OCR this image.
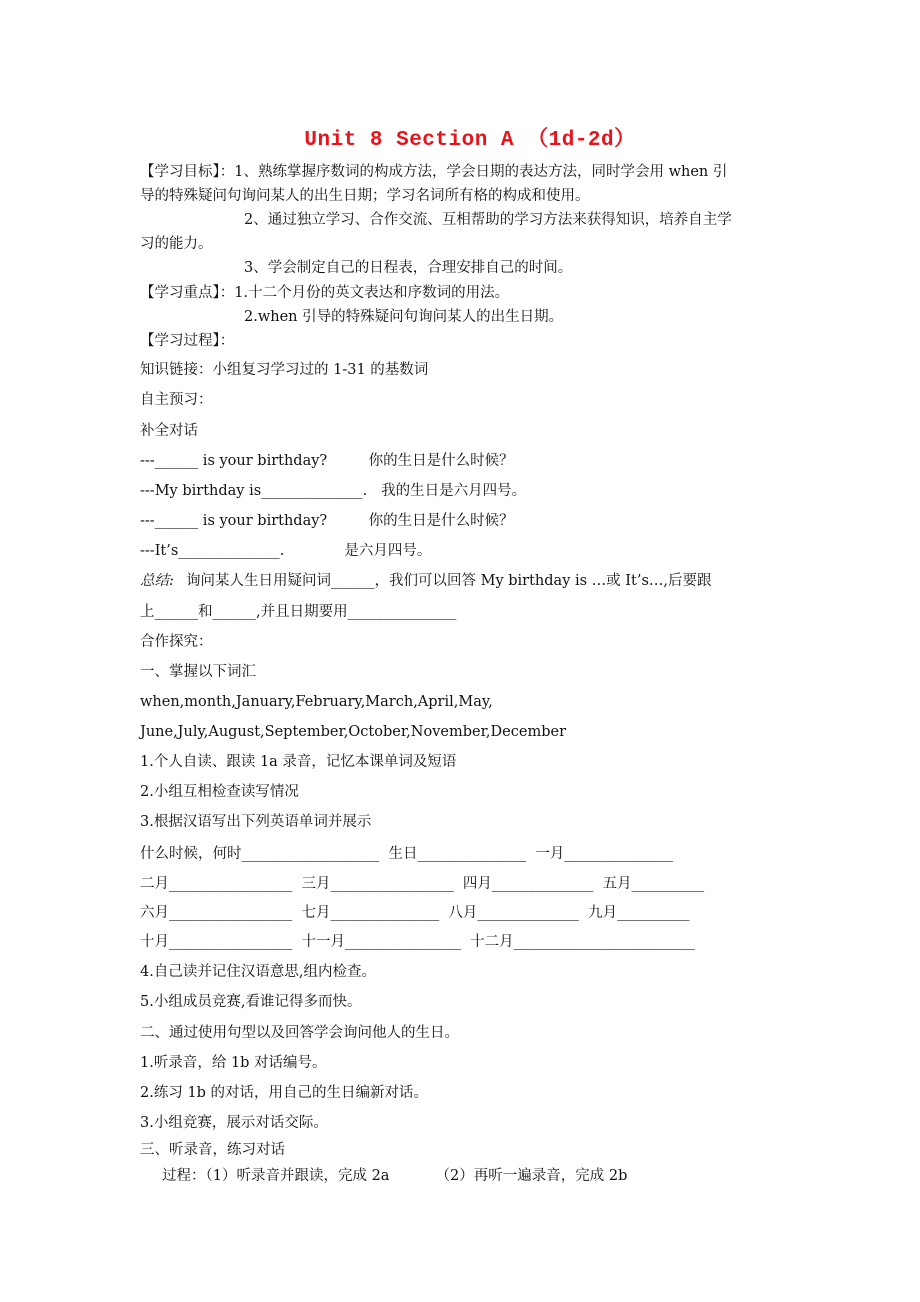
Unit 8 Section A （1d-2d）
【学习目标】：1、熟练掌握序数词的构成方法，学会日期的表达方法，同时学会用 when 引
导的特殊疑问句询问某人的出生日期；学习名词所有格的构成和使用。
2、通过独立学习、合作交流、互相帮助的学习方法来获得知识，培养自主学
习的能力。
3、学会制定自己的日程表，合理安排自己的时间。
【学习重点】：1.十二个月份的英文表达和序数词的用法。
2.when 引导的特殊疑问句询问某人的出生日期。
【学习过程】：
知识链接：小组复习学习过的 1-31 的基数词
自主预习：
补全对话
---______ is your birthday?         你的生日是什么时候？
---My birthday is______________.   我的生日是六月四号。
---______ is your birthday?         你的生日是什么时候？
---It’s______________.             是六月四号。
总结: 询问某人生日用疑问词______，我们可以回答 My birthday is …或 It’s…,后要跟
上______和______,并且日期要用_______________
合作探究：
一、掌握以下词汇
when,month,January,February,March,April,May,
June,July,August,September,October,November,December
1.个人自读、跟读 1a 录音，记忆本课单词及短语
2.小组互相检查读写情况
3.根据汉语写出下列英语单词并展示
什么时候，何时___________________  生日_______________  一月_______________
二月_________________  三月_________________  四月______________  五月__________
六月_________________  七月_______________  八月______________  九月__________
十月_________________  十一月________________  十二月_________________________
4.自己读并记住汉语意思,组内检查。
5.小组成员竞赛,看谁记得多而快。
二、通过使用句型以及回答学会询问他人的生日。
1.听录音，给 1b 对话编号。
2.练习 1b 的对话，用自己的生日编新对话。
3.小组竞赛，展示对话交际。
三、听录音，练习对话
过程：（1）听录音并跟读，完成 2a          （2）再听一遍录音，完成 2b
